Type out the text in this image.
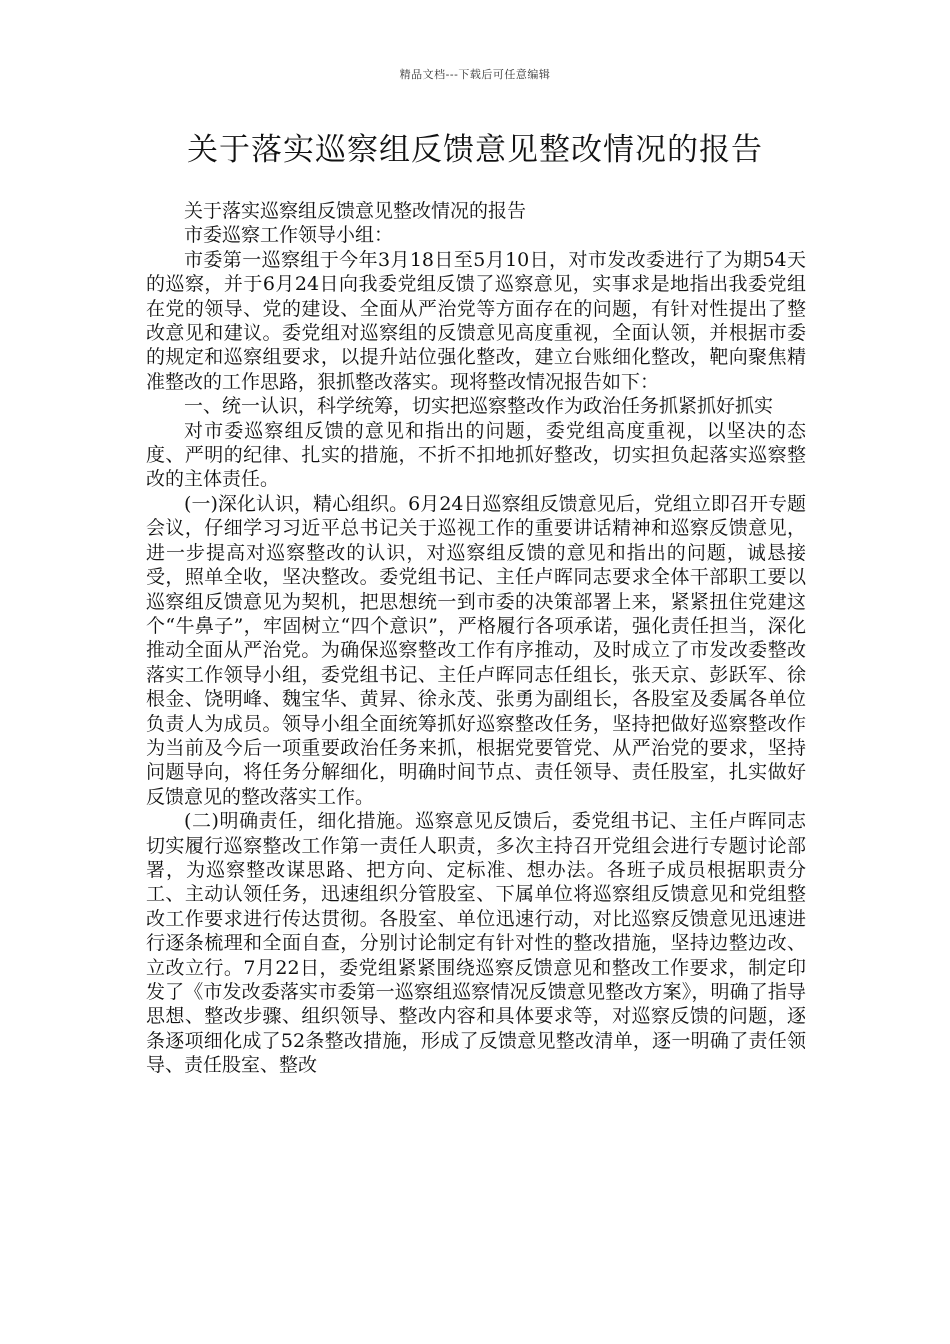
精品文档---下载后可任意编辑
关于落实巡察组反馈意见整改情况的报告

关于落实巡察组反馈意见整改情况的报告

市委巡察工作领导小组：

市委第一巡察组于今年3月18日至5月10日，对市发改委进行了为期54天的巡察，并于6月24日向我委党组反馈了巡察意见，实事求是地指出我委党组在党的领导、党的建设、全面从严治党等方面存在的问题，有针对性提出了整改意见和建议。委党组对巡察组的反馈意见高度重视，全面认领，并根据市委的规定和巡察组要求，以提升站位强化整改，建立台账细化整改，靶向聚焦精准整改的工作思路，狠抓整改落实。现将整改情况报告如下：

一、统一认识，科学统筹，切实把巡察整改作为政治任务抓紧抓好抓实

对市委巡察组反馈的意见和指出的问题，委党组高度重视，以坚决的态度、严明的纪律、扎实的措施，不折不扣地抓好整改，切实担负起落实巡察整改的主体责任。

(一)深化认识，精心组织。6月24日巡察组反馈意见后，党组立即召开专题会议，仔细学习习近平总书记关于巡视工作的重要讲话精神和巡察反馈意见，进一步提高对巡察整改的认识，对巡察组反馈的意见和指出的问题，诚恳接受，照单全收，坚决整改。委党组书记、主任卢晖同志要求全体干部职工要以巡察组反馈意见为契机，把思想统一到市委的决策部署上来，紧紧扭住党建这个“牛鼻子”，牢固树立“四个意识”，严格履行各项承诺，强化责任担当，深化推动全面从严治党。为确保巡察整改工作有序推动，及时成立了市发改委整改落实工作领导小组，委党组书记、主任卢晖同志任组长，张天京、彭跃军、徐根金、饶明峰、魏宝华、黄昇、徐永茂、张勇为副组长，各股室及委属各单位负责人为成员。领导小组全面统筹抓好巡察整改任务，坚持把做好巡察整改作为当前及今后一项重要政治任务来抓，根据党要管党、从严治党的要求，坚持问题导向，将任务分解细化，明确时间节点、责任领导、责任股室，扎实做好反馈意见的整改落实工作。

(二)明确责任，细化措施。巡察意见反馈后，委党组书记、主任卢晖同志切实履行巡察整改工作第一责任人职责，多次主持召开党组会进行专题讨论部署，为巡察整改谋思路、把方向、定标准、想办法。各班子成员根据职责分工、主动认领任务，迅速组织分管股室、下属单位将巡察组反馈意见和党组整改工作要求进行传达贯彻。各股室、单位迅速行动，对比巡察反馈意见迅速进行逐条梳理和全面自查，分别讨论制定有针对性的整改措施，坚持边整边改、立改立行。7月22日，委党组紧紧围绕巡察反馈意见和整改工作要求，制定印发了《市发改委落实市委第一巡察组巡察情况反馈意见整改方案》，明确了指导思想、整改步骤、组织领导、整改内容和具体要求等，对巡察反馈的问题，逐条逐项细化成了52条整改措施，形成了反馈意见整改清单，逐一明确了责任领导、责任股室、整改
